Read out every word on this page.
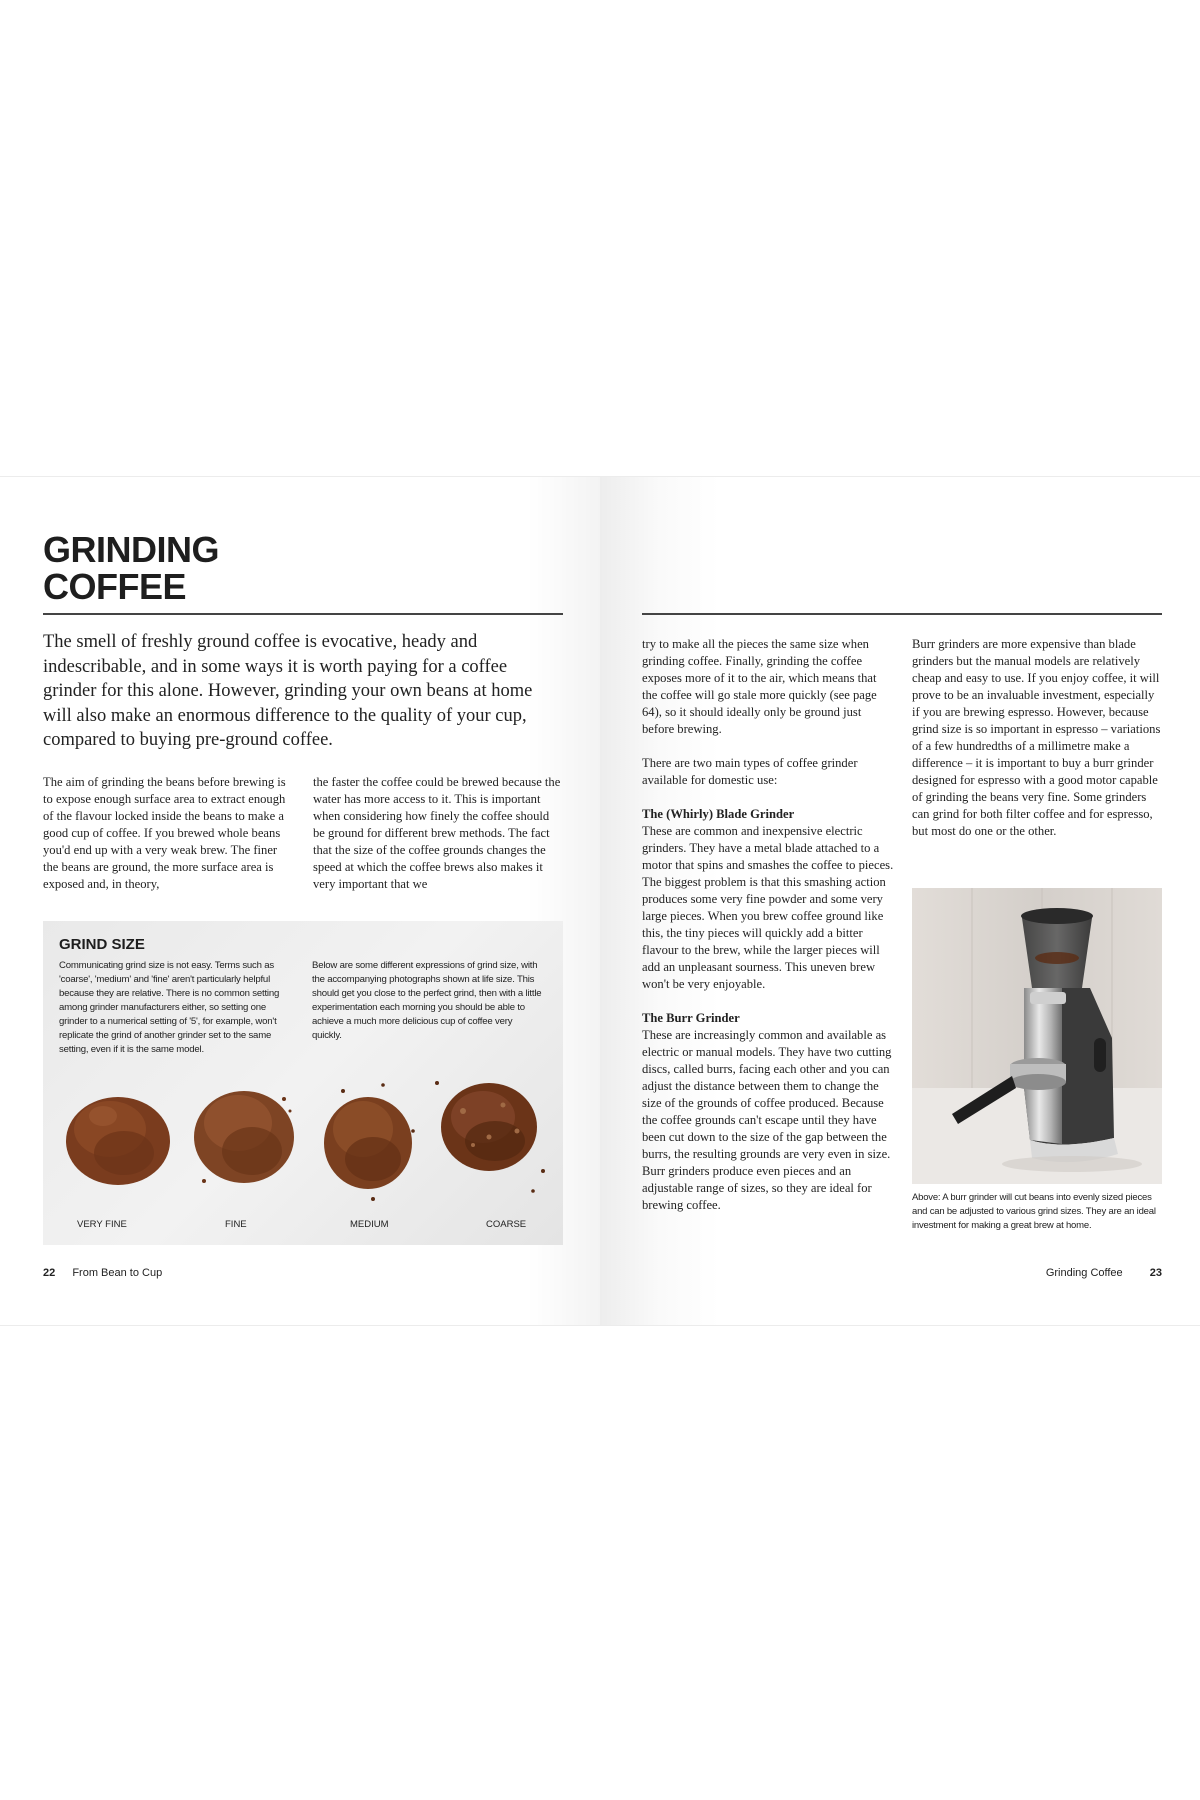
GRINDING
COFFEE

The smell of freshly ground coffee is evocative, heady and indescribable, and in some ways it is worth paying for a coffee grinder for this alone. However, grinding your own beans at home will also make an enormous difference to the quality of your cup, compared to buying pre-ground coffee.

The aim of grinding the beans before brewing is to expose enough surface area to extract enough of the flavour locked inside the beans to make a good cup of coffee. If you brewed whole beans you'd end up with a very weak brew. The finer the beans are ground, the more surface area is exposed and, in theory,

the faster the coffee could be brewed because the water has more access to it. This is important when considering how finely the coffee should be ground for different brew methods. The fact that the size of the coffee grounds changes the speed at which the coffee brews also makes it very important that we

GRIND SIZE

Communicating grind size is not easy. Terms such as 'coarse', 'medium' and 'fine' aren't particularly helpful because they are relative. There is no common setting among grinder manufacturers either, so setting one grinder to a numerical setting of '5', for example, won't replicate the grind of another grinder set to the same setting, even if it is the same model.

Below are some different expressions of grind size, with the accompanying photographs shown at life size. This should get you close to the perfect grind, then with a little experimentation each morning you should be able to achieve a much more delicious cup of coffee very quickly.

VERY FINE	FINE	MEDIUM	COARSE
22 From Bean to Cup

try to make all the pieces the same size when grinding coffee. Finally, grinding the coffee exposes more of it to the air, which means that the coffee will go stale more quickly (see page 64), so it should ideally only be ground just before brewing.

There are two main types of coffee grinder available for domestic use:

The (Whirly) Blade Grinder
These are common and inexpensive electric grinders. They have a metal blade attached to a motor that spins and smashes the coffee to pieces. The biggest problem is that this smashing action produces some very fine powder and some very large pieces. When you brew coffee ground like this, the tiny pieces will quickly add a bitter flavour to the brew, while the larger pieces will add an unpleasant sourness. This uneven brew won't be very enjoyable.

The Burr Grinder
These are increasingly common and available as electric or manual models. They have two cutting discs, called burrs, facing each other and you can adjust the distance between them to change the size of the grounds of coffee produced. Because the coffee grounds can't escape until they have been cut down to the size of the gap between the burrs, the resulting grounds are very even in size. Burr grinders produce even pieces and an adjustable range of sizes, so they are ideal for brewing coffee.

Burr grinders are more expensive than blade grinders but the manual models are relatively cheap and easy to use. If you enjoy coffee, it will prove to be an invaluable investment, especially if you are brewing espresso. However, because grind size is so important in espresso – variations of a few hundredths of a millimetre make a difference – it is important to buy a burr grinder designed for espresso with a good motor capable of grinding the beans very fine. Some grinders can grind for both filter coffee and for espresso, but most do one or the other.

Above: A burr grinder will cut beans into evenly sized pieces and can be adjusted to various grind sizes. They are an ideal investment for making a great brew at home.

Grinding Coffee 23
